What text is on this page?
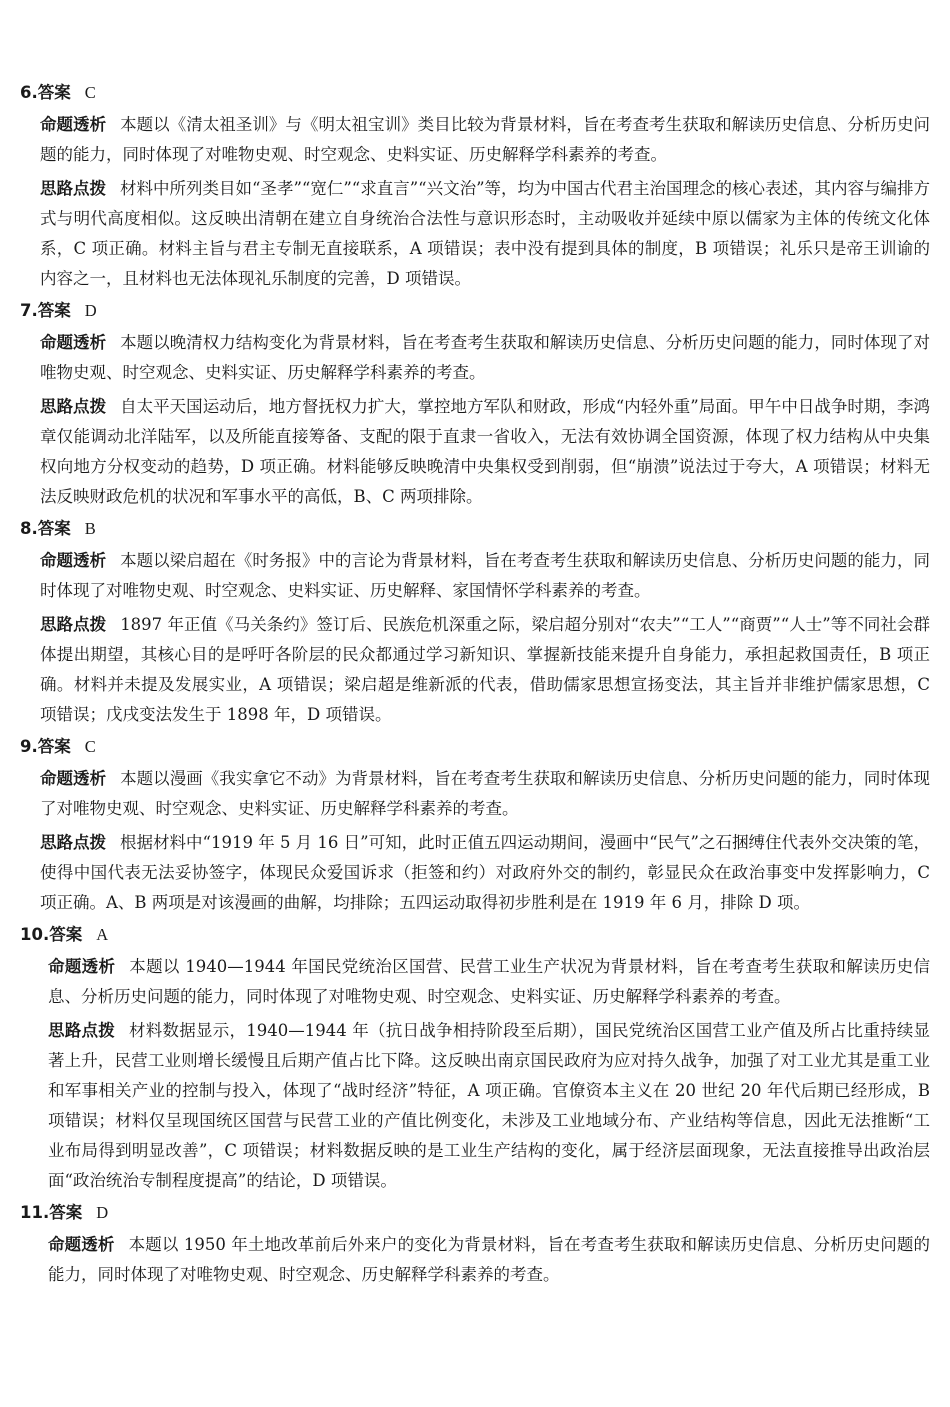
6.答案 C

命题透析 本题以《清太祖圣训》与《明太祖宝训》类目比较为背景材料，旨在考查考生获取和解读历史信息、分析历史问题的能力，同时体现了对唯物史观、时空观念、史料实证、历史解释学科素养的考查。

思路点拨 材料中所列类目如“圣孝”“宽仁”“求直言”“兴文治”等，均为中国古代君主治国理念的核心表述，其内容与编排方式与明代高度相似。这反映出清朝在建立自身统治合法性与意识形态时，主动吸收并延续中原以儒家为主体的传统文化体系，C 项正确。材料主旨与君主专制无直接联系，A 项错误；表中没有提到具体的制度，B 项错误；礼乐只是帝王训谕的内容之一，且材料也无法体现礼乐制度的完善，D 项错误。

7.答案 D

命题透析 本题以晚清权力结构变化为背景材料，旨在考查考生获取和解读历史信息、分析历史问题的能力，同时体现了对唯物史观、时空观念、史料实证、历史解释学科素养的考查。

思路点拨 自太平天国运动后，地方督抚权力扩大，掌控地方军队和财政，形成“内轻外重”局面。甲午中日战争时期，李鸿章仅能调动北洋陆军，以及所能直接筹备、支配的限于直隶一省收入，无法有效协调全国资源，体现了权力结构从中央集权向地方分权变动的趋势，D 项正确。材料能够反映晚清中央集权受到削弱，但“崩溃”说法过于夸大，A 项错误；材料无法反映财政危机的状况和军事水平的高低，B、C 两项排除。

8.答案 B

命题透析 本题以梁启超在《时务报》中的言论为背景材料，旨在考查考生获取和解读历史信息、分析历史问题的能力，同时体现了对唯物史观、时空观念、史料实证、历史解释、家国情怀学科素养的考查。

思路点拨 1897 年正值《马关条约》签订后、民族危机深重之际，梁启超分别对“农夫”“工人”“商贾”“人士”等不同社会群体提出期望，其核心目的是呼吁各阶层的民众都通过学习新知识、掌握新技能来提升自身能力，承担起救国责任，B 项正确。材料并未提及发展实业，A 项错误；梁启超是维新派的代表，借助儒家思想宣扬变法，其主旨并非维护儒家思想，C 项错误；戊戌变法发生于 1898 年，D 项错误。

9.答案 C

命题透析 本题以漫画《我实拿它不动》为背景材料，旨在考查考生获取和解读历史信息、分析历史问题的能力，同时体现了对唯物史观、时空观念、史料实证、历史解释学科素养的考查。

思路点拨 根据材料中“1919 年 5 月 16 日”可知，此时正值五四运动期间，漫画中“民气”之石捆缚住代表外交决策的笔，使得中国代表无法妥协签字，体现民众爱国诉求（拒签和约）对政府外交的制约，彰显民众在政治事变中发挥影响力，C 项正确。A、B 两项是对该漫画的曲解，均排除；五四运动取得初步胜利是在 1919 年 6 月，排除 D 项。

10.答案 A

命题透析 本题以 1940—1944 年国民党统治区国营、民营工业生产状况为背景材料，旨在考查考生获取和解读历史信息、分析历史问题的能力，同时体现了对唯物史观、时空观念、史料实证、历史解释学科素养的考查。

思路点拨 材料数据显示，1940—1944 年（抗日战争相持阶段至后期），国民党统治区国营工业产值及所占比重持续显著上升，民营工业则增长缓慢且后期产值占比下降。这反映出南京国民政府为应对持久战争，加强了对工业尤其是重工业和军事相关产业的控制与投入，体现了“战时经济”特征，A 项正确。官僚资本主义在 20 世纪 20 年代后期已经形成，B 项错误；材料仅呈现国统区国营与民营工业的产值比例变化，未涉及工业地域分布、产业结构等信息，因此无法推断“工业布局得到明显改善”，C 项错误；材料数据反映的是工业生产结构的变化，属于经济层面现象，无法直接推导出政治层面“政治统治专制程度提高”的结论，D 项错误。

11.答案 D

命题透析 本题以 1950 年土地改革前后外来户的变化为背景材料，旨在考查考生获取和解读历史信息、分析历史问题的能力，同时体现了对唯物史观、时空观念、历史解释学科素养的考查。
